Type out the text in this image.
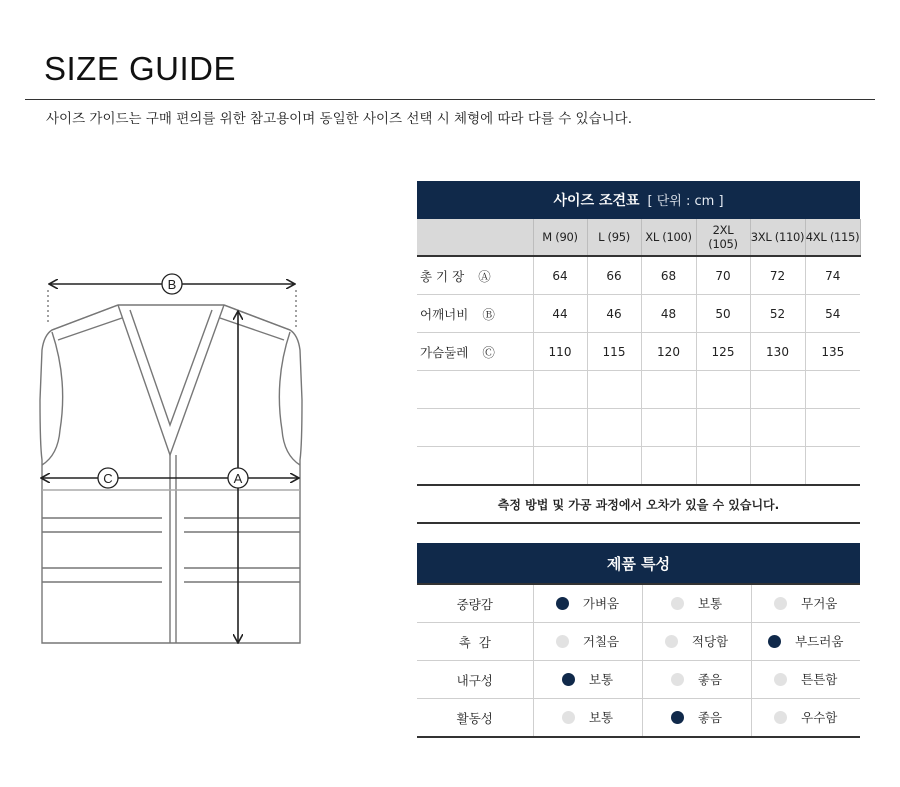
SIZE GUIDE
사이즈 가이드는 구매 편의를 위한 참고용이며 동일한 사이즈 선택 시 체형에 따라 다를 수 있습니다.
B
C	A
사이즈 조견표 [ 단위 : cm ]						
	M (90)	L (95)	XL (100)	2XL (105)	3XL (110)	4XL (115)
총 기 장 Ⓐ	64	66	68	70	72	74
어깨너비 Ⓑ	44	46	48	50	52	54
가슴둘레 Ⓒ	110	115	120	125	130	135

측정 방법 및 가공 과정에서 오차가 있을 수 있습니다.
제품 특성			
중량감	가벼움	보통	무거움

촉  감	거칠음	적당함	부드러움

내구성	보통	좋음	튼튼함

활동성	보통	좋음	우수함
